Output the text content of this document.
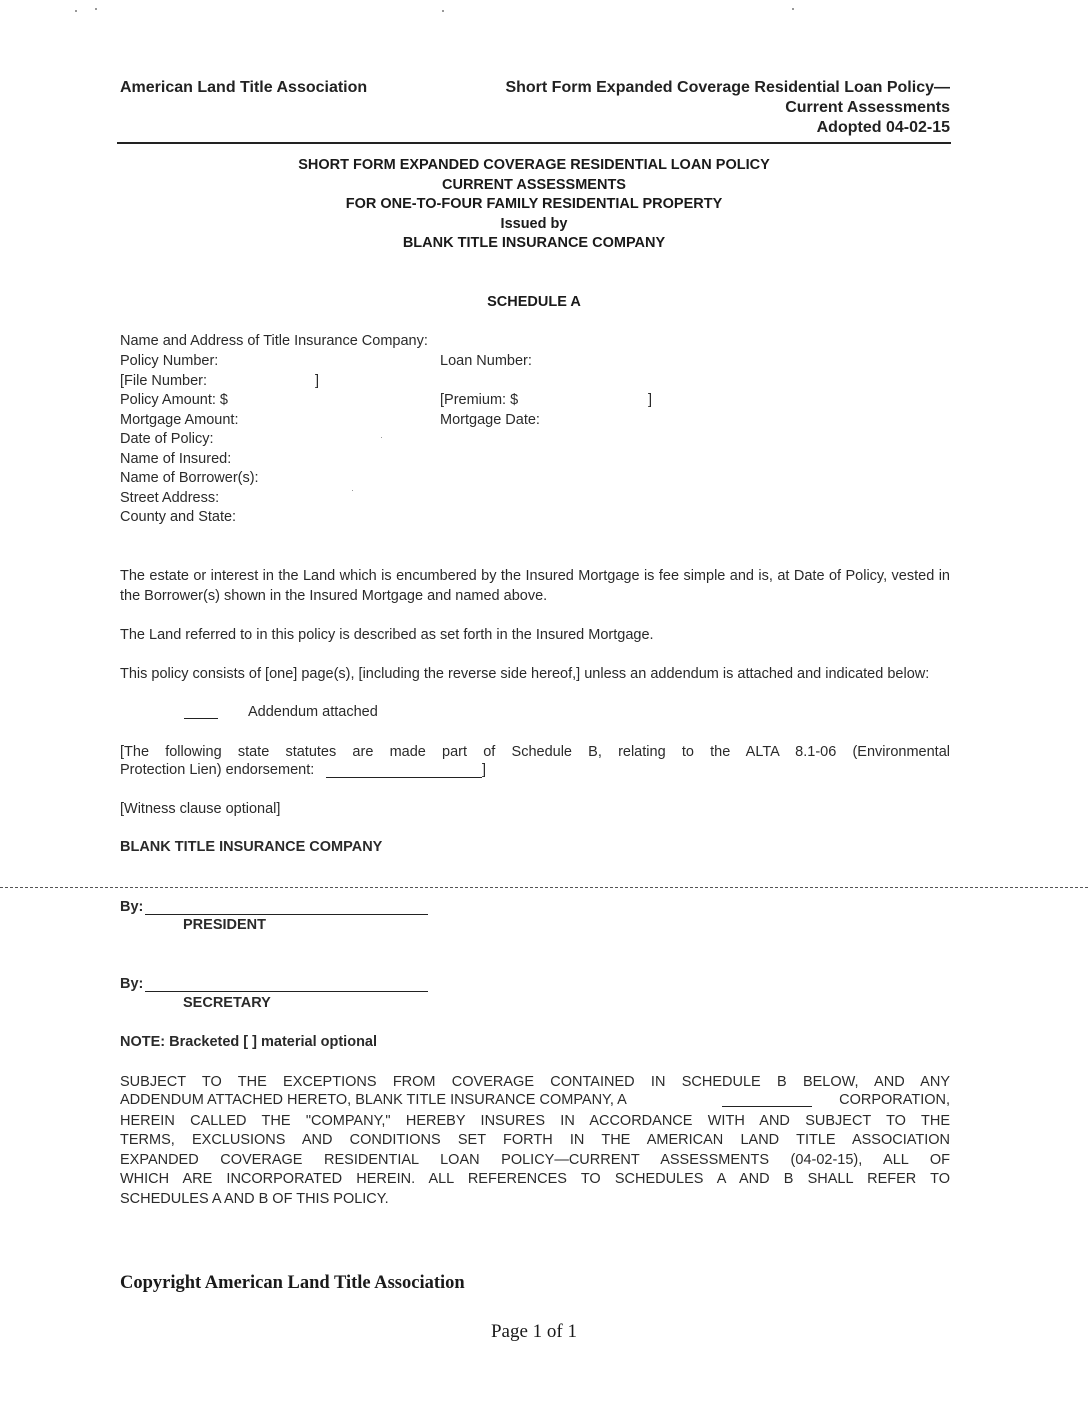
American Land Title Association	Short Form Expanded Coverage Residential Loan Policy—
Current Assessments
Adopted 04-02-15
SHORT FORM EXPANDED COVERAGE RESIDENTIAL LOAN POLICY
CURRENT ASSESSMENTS
FOR ONE-TO-FOUR FAMILY RESIDENTIAL PROPERTY
Issued by
BLANK TITLE INSURANCE COMPANY
SCHEDULE A
Name and Address of Title Insurance Company:
Policy Number:	Loan Number:
[File Number:	]
Policy Amount: $	[Premium: $	]
Mortgage Amount:	Mortgage Date:
Date of Policy:
Name of Insured:
Name of Borrower(s):
Street Address:
County and State:
The estate or interest in the Land which is encumbered by the Insured Mortgage is fee simple and is, at Date of Policy, vested in the Borrower(s) shown in the Insured Mortgage and named above.
The Land referred to in this policy is described as set forth in the Insured Mortgage.
This policy consists of [one] page(s), [including the reverse side hereof,] unless an addendum is attached and indicated below:
Addendum attached
[The following state statutes are made part of Schedule B, relating to the ALTA 8.1-06 (Environmental
Protection Lien) endorsement:	]
[Witness clause optional]
BLANK TITLE INSURANCE COMPANY
By:
PRESIDENT
By:
SECRETARY
NOTE: Bracketed [ ] material optional
SUBJECT TO THE EXCEPTIONS FROM COVERAGE CONTAINED IN SCHEDULE B BELOW, AND ANY
ADDENDUM ATTACHED HERETO, BLANK TITLE INSURANCE COMPANY, A	CORPORATION,
HEREIN CALLED THE "COMPANY," HEREBY INSURES IN ACCORDANCE WITH AND SUBJECT TO THE
TERMS, EXCLUSIONS AND CONDITIONS SET FORTH IN THE AMERICAN LAND TITLE ASSOCIATION
EXPANDED COVERAGE RESIDENTIAL LOAN POLICY—CURRENT ASSESSMENTS (04-02-15), ALL OF
WHICH ARE INCORPORATED HEREIN. ALL REFERENCES TO SCHEDULES A AND B SHALL REFER TO
SCHEDULES A AND B OF THIS POLICY.
Copyright American Land Title Association
Page 1 of 1
